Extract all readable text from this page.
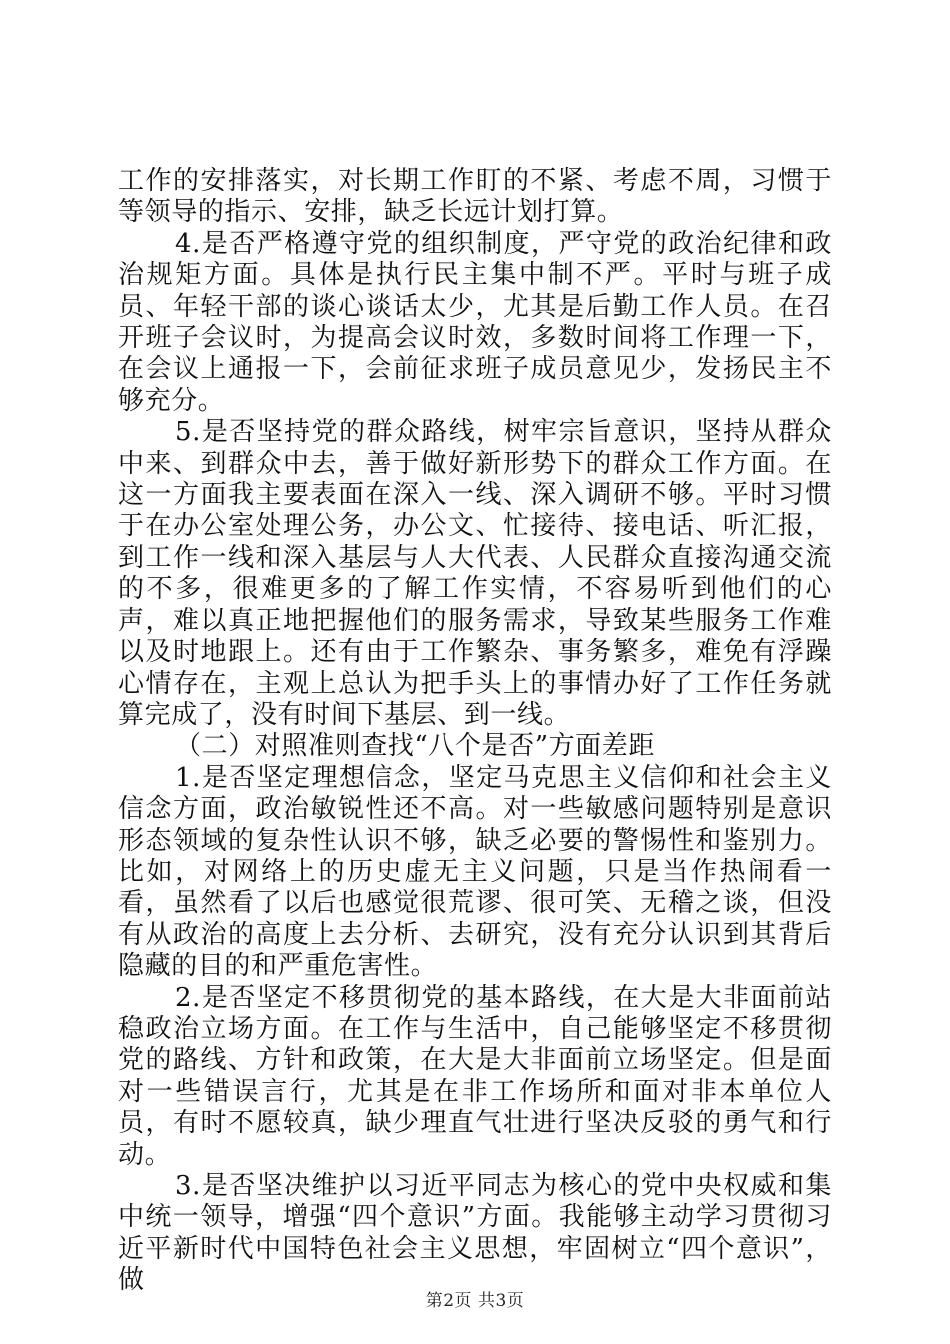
工作的安排落实，对长期工作盯的不紧、考虑不周，习惯于等领导的指示、安排，缺乏长远计划打算。

4.是否严格遵守党的组织制度，严守党的政治纪律和政治规矩方面。具体是执行民主集中制不严。平时与班子成员、年轻干部的谈心谈话太少，尤其是后勤工作人员。在召开班子会议时，为提高会议时效，多数时间将工作理一下，在会议上通报一下，会前征求班子成员意见少，发扬民主不够充分。

5.是否坚持党的群众路线，树牢宗旨意识，坚持从群众中来、到群众中去，善于做好新形势下的群众工作方面。在这一方面我主要表面在深入一线、深入调研不够。平时习惯于在办公室处理公务，办公文、忙接待、接电话、听汇报，到工作一线和深入基层与人大代表、人民群众直接沟通交流的不多，很难更多的了解工作实情，不容易听到他们的心声，难以真正地把握他们的服务需求，导致某些服务工作难以及时地跟上。还有由于工作繁杂、事务繁多，难免有浮躁心情存在，主观上总认为把手头上的事情办好了工作任务就算完成了，没有时间下基层、到一线。

（二）对照准则查找“八个是否”方面差距

1.是否坚定理想信念，坚定马克思主义信仰和社会主义信念方面，政治敏锐性还不高。对一些敏感问题特别是意识形态领域的复杂性认识不够，缺乏必要的警惕性和鉴别力。比如，对网络上的历史虚无主义问题，只是当作热闹看一看，虽然看了以后也感觉很荒谬、很可笑、无稽之谈，但没有从政治的高度上去分析、去研究，没有充分认识到其背后隐藏的目的和严重危害性。

2.是否坚定不移贯彻党的基本路线，在大是大非面前站稳政治立场方面。在工作与生活中，自己能够坚定不移贯彻党的路线、方针和政策，在大是大非面前立场坚定。但是面对一些错误言行，尤其是在非工作场所和面对非本单位人员，有时不愿较真，缺少理直气壮进行坚决反驳的勇气和行动。

3.是否坚决维护以习近平同志为核心的党中央权威和集中统一领导，增强“四个意识”方面。我能够主动学习贯彻习近平新时代中国特色社会主义思想，牢固树立“四个意识”，做

第2页 共3页
